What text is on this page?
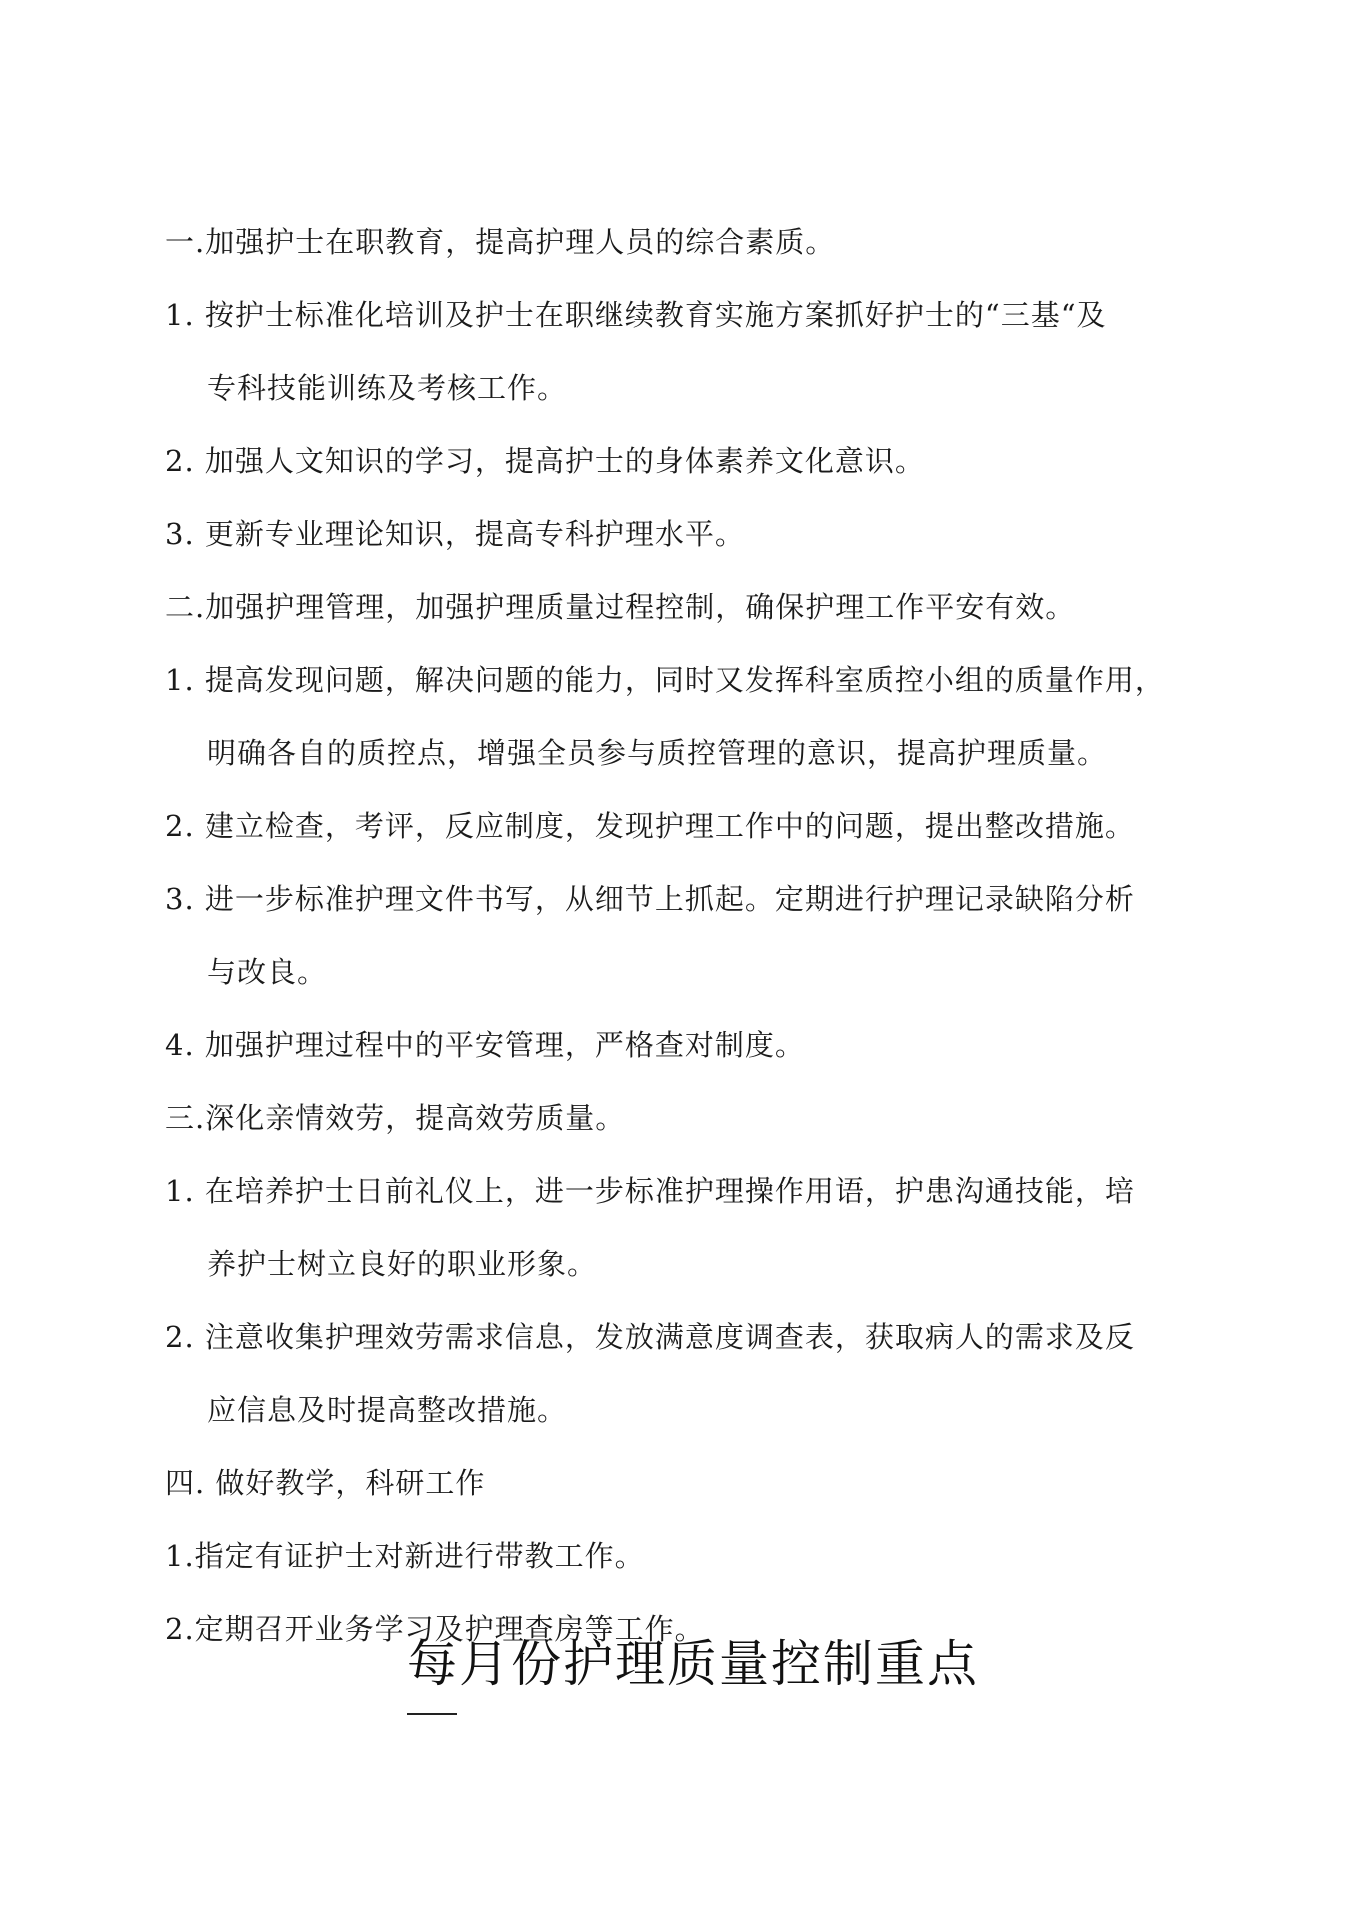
一.加强护士在职教育，提高护理人员的综合素质。
1. 按护士标准化培训及护士在职继续教育实施方案抓好护士的“三基“及
专科技能训练及考核工作。
2. 加强人文知识的学习，提高护士的身体素养文化意识。
3. 更新专业理论知识，提高专科护理水平。
二.加强护理管理，加强护理质量过程控制，确保护理工作平安有效。
1. 提高发现问题，解决问题的能力，同时又发挥科室质控小组的质量作用，
明确各自的质控点，增强全员参与质控管理的意识，提高护理质量。
2. 建立检查，考评，反应制度，发现护理工作中的问题，提出整改措施。
3. 进一步标准护理文件书写，从细节上抓起。定期进行护理记录缺陷分析
与改良。
4. 加强护理过程中的平安管理，严格查对制度。
三.深化亲情效劳，提高效劳质量。
1. 在培养护士日前礼仪上，进一步标准护理操作用语，护患沟通技能，培
养护士树立良好的职业形象。
2. 注意收集护理效劳需求信息，发放满意度调查表，获取病人的需求及反
应信息及时提高整改措施。
四. 做好教学，科研工作
1.指定有证护士对新进行带教工作。
2.定期召开业务学习及护理查房等工作。
每月份护理质量控制重点
